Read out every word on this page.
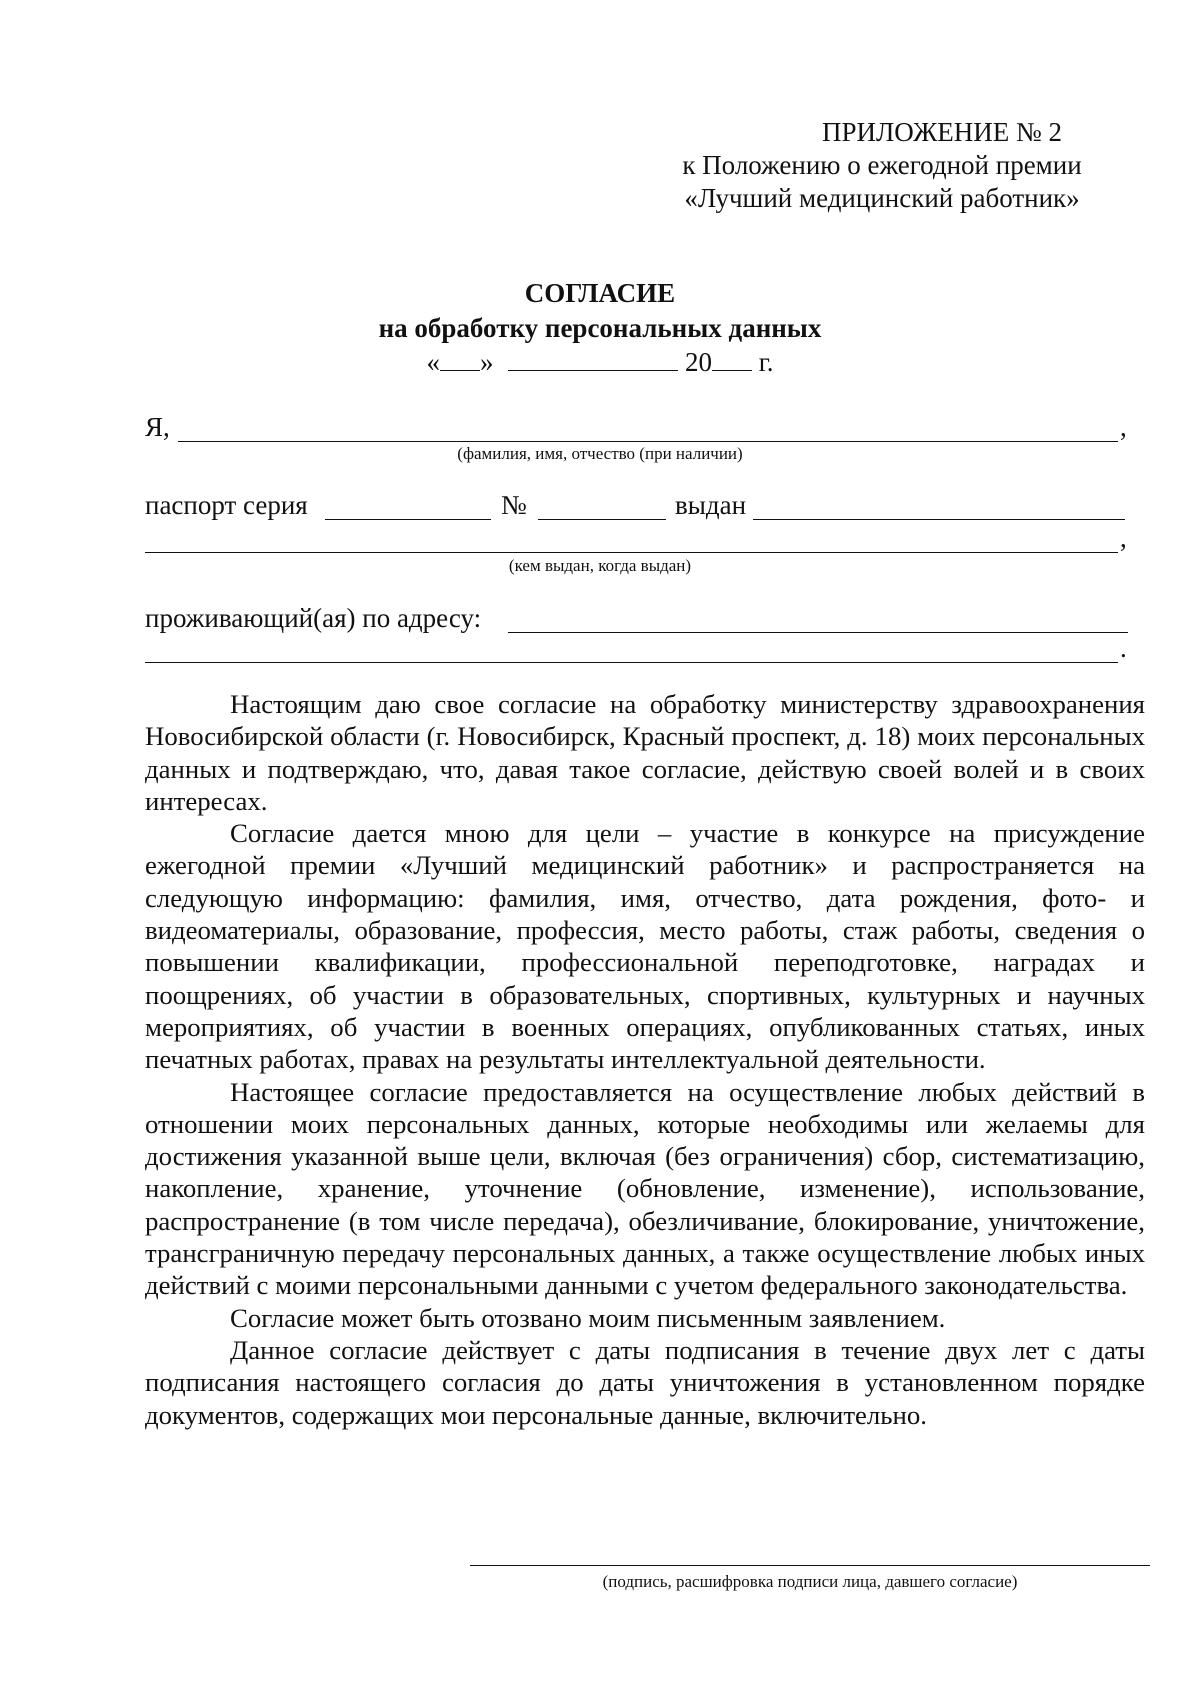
ПРИЛОЖЕНИЕ № 2
к Положению о ежегодной премии
«Лучший медицинский работник»
СОГЛАСИЕ
на обработку персональных данных
« »	20 г.
Я,	,
(фамилия, имя, отчество (при наличии)
паспорт серия	№	выдан
,
(кем выдан, когда выдан)
проживающий(ая) по адресу:
.

Настоящим даю свое согласие на обработку министерству здравоохранения Новосибирской области (г. Новосибирск, Красный проспект, д. 18) моих персональных данных и подтверждаю, что, давая такое согласие, действую своей волей и в своих интересах.

Согласие дается мною для цели – участие в конкурсе на присуждение ежегодной премии «Лучший медицинский работник» и распространяется на следующую информацию: фамилия, имя, отчество, дата рождения, фото- и видеоматериалы, образование, профессия, место работы, стаж работы, сведения о повышении квалификации, профессиональной переподготовке, наградах и поощрениях, об участии в образовательных, спортивных, культурных и научных мероприятиях, об участии в военных операциях, опубликованных статьях, иных печатных работах, правах на результаты интеллектуальной деятельности.

Настоящее согласие предоставляется на осуществление любых действий в отношении моих персональных данных, которые необходимы или желаемы для достижения указанной выше цели, включая (без ограничения) сбор, систематизацию, накопление, хранение, уточнение (обновление, изменение), использование, распространение (в том числе передача), обезличивание, блокирование, уничтожение, трансграничную передачу персональных данных, а также осуществление любых иных действий с моими персональными данными с учетом федерального законодательства.

Согласие может быть отозвано моим письменным заявлением.

Данное согласие действует с даты подписания в течение двух лет с даты подписания настоящего согласия до даты уничтожения в установленном порядке документов, содержащих мои персональные данные, включительно.

(подпись, расшифровка подписи лица, давшего согласие)
